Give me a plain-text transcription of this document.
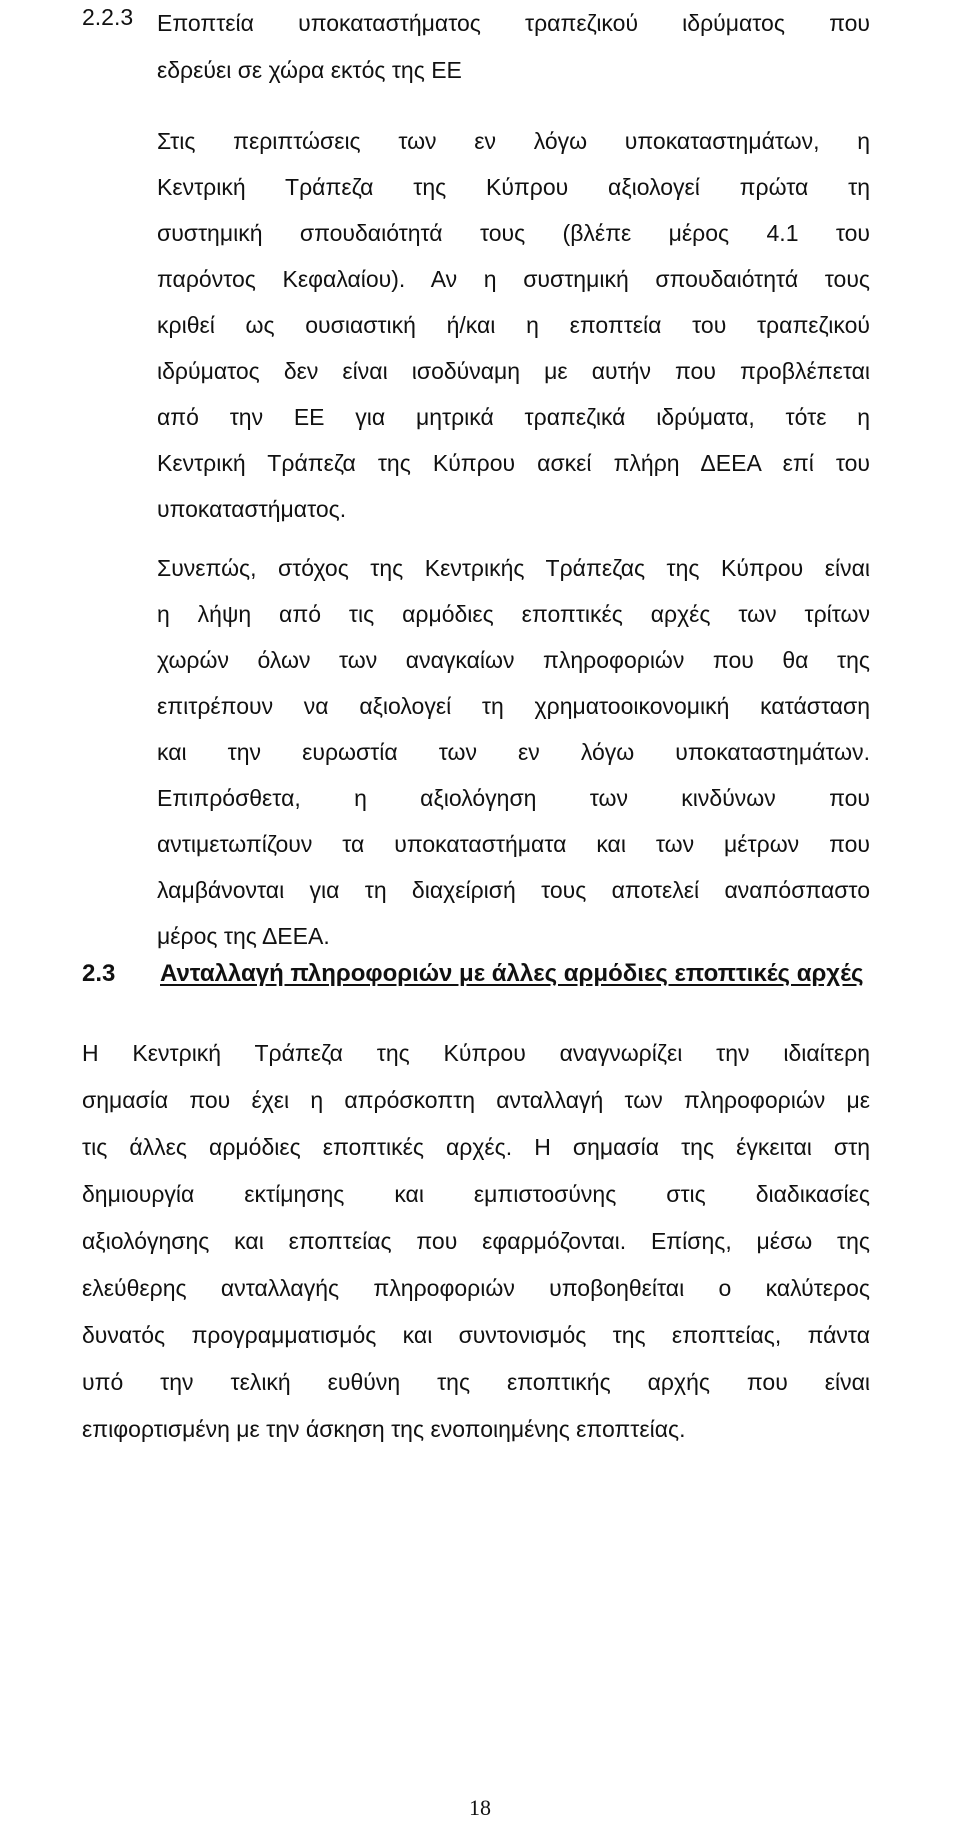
2.2.3 Εποπτεία υποκαταστήματος τραπεζικού ιδρύματος που

εδρεύει σε χώρα εκτός της ΕΕ

Στις περιπτώσεις των εν λόγω υποκαταστημάτων, η

Κεντρική Τράπεζα της Κύπρου αξιολογεί πρώτα τη

συστημική σπουδαιότητά τους (βλέπε μέρος 4.1 του

παρόντος Κεφαλαίου). Αν η συστημική σπουδαιότητά τους

κριθεί ως ουσιαστική ή/και η εποπτεία του τραπεζικού

ιδρύματος δεν είναι ισοδύναμη με αυτήν που προβλέπεται

από την ΕΕ για μητρικά τραπεζικά ιδρύματα, τότε η

Κεντρική Τράπεζα της Κύπρου ασκεί πλήρη ΔΕΕΑ επί του

υποκαταστήματος.

Συνεπώς, στόχος της Κεντρικής Τράπεζας της Κύπρου είναι

η λήψη από τις αρμόδιες εποπτικές αρχές των τρίτων

χωρών όλων των αναγκαίων πληροφοριών που θα της

επιτρέπουν να αξιολογεί τη χρηματοοικονομική κατάσταση

και την ευρωστία των εν λόγω υποκαταστημάτων.

Επιπρόσθετα, η αξιολόγηση των κινδύνων που

αντιμετωπίζουν τα υποκαταστήματα και των μέτρων που

λαμβάνονται για τη διαχείρισή τους αποτελεί αναπόσπαστο

μέρος της ΔΕΕΑ.

2.3 Ανταλλαγή πληροφοριών με άλλες αρμόδιες εποπτικές αρχές

Η Κεντρική Τράπεζα της Κύπρου αναγνωρίζει την ιδιαίτερη

σημασία που έχει η απρόσκοπτη ανταλλαγή των πληροφοριών με

τις άλλες αρμόδιες εποπτικές αρχές. Η σημασία της έγκειται στη

δημιουργία εκτίμησης και εμπιστοσύνης στις διαδικασίες

αξιολόγησης και εποπτείας που εφαρμόζονται. Επίσης, μέσω της

ελεύθερης ανταλλαγής πληροφοριών υποβοηθείται ο καλύτερος

δυνατός προγραμματισμός και συντονισμός της εποπτείας, πάντα

υπό την τελική ευθύνη της εποπτικής αρχής που είναι

επιφορτισμένη με την άσκηση της ενοποιημένης εποπτείας.

18
